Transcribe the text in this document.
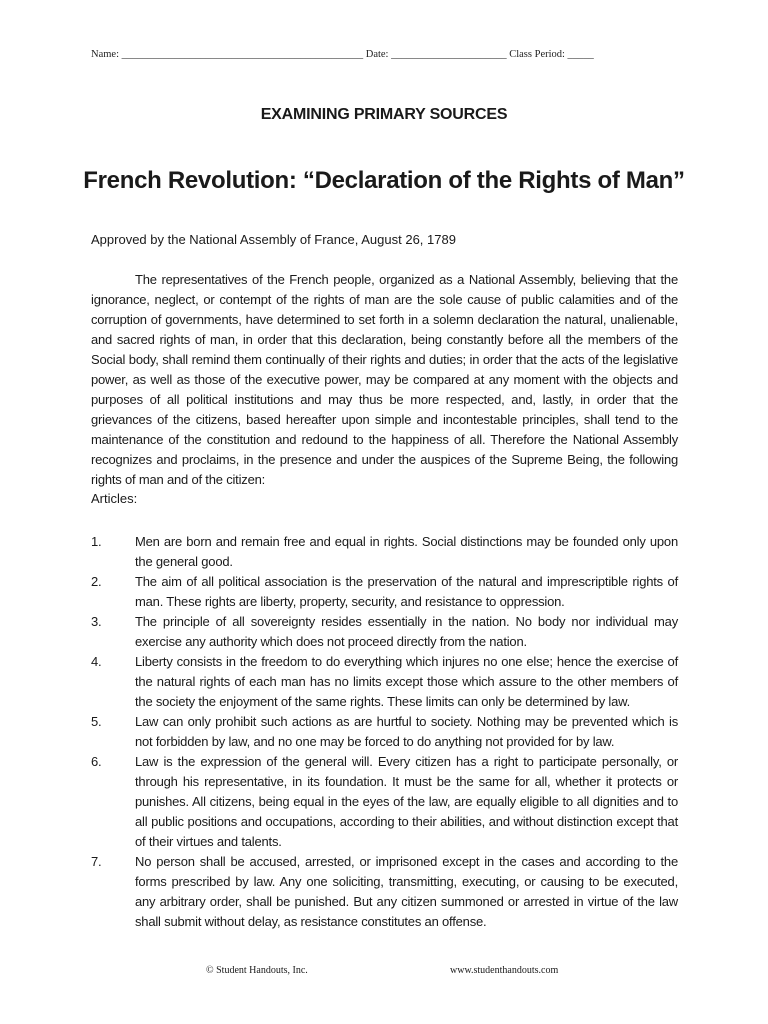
Name: ______________________________________________ Date: ______________________ Class Period: _____
EXAMINING PRIMARY SOURCES
French Revolution: “Declaration of the Rights of Man”
Approved by the National Assembly of France, August 26, 1789
The representatives of the French people, organized as a National Assembly, believing that the ignorance, neglect, or contempt of the rights of man are the sole cause of public calamities and of the corruption of governments, have determined to set forth in a solemn declaration the natural, unalienable, and sacred rights of man, in order that this declaration, being constantly before all the members of the Social body, shall remind them continually of their rights and duties; in order that the acts of the legislative power, as well as those of the executive power, may be compared at any moment with the objects and purposes of all political institutions and may thus be more respected, and, lastly, in order that the grievances of the citizens, based hereafter upon simple and incontestable principles, shall tend to the maintenance of the constitution and redound to the happiness of all. Therefore the National Assembly recognizes and proclaims, in the presence and under the auspices of the Supreme Being, the following rights of man and of the citizen:
Articles:
1.	Men are born and remain free and equal in rights. Social distinctions may be founded only upon the general good.
2.	The aim of all political association is the preservation of the natural and imprescriptible rights of man. These rights are liberty, property, security, and resistance to oppression.
3.	The principle of all sovereignty resides essentially in the nation. No body nor individual may exercise any authority which does not proceed directly from the nation.
4.	Liberty consists in the freedom to do everything which injures no one else; hence the exercise of the natural rights of each man has no limits except those which assure to the other members of the society the enjoyment of the same rights. These limits can only be determined by law.
5.	Law can only prohibit such actions as are hurtful to society. Nothing may be prevented which is not forbidden by law, and no one may be forced to do anything not provided for by law.
6.	Law is the expression of the general will. Every citizen has a right to participate personally, or through his representative, in its foundation. It must be the same for all, whether it protects or punishes. All citizens, being equal in the eyes of the law, are equally eligible to all dignities and to all public positions and occupations, according to their abilities, and without distinction except that of their virtues and talents.
7.	No person shall be accused, arrested, or imprisoned except in the cases and according to the forms prescribed by law. Any one soliciting, transmitting, executing, or causing to be executed, any arbitrary order, shall be punished. But any citizen summoned or arrested in virtue of the law shall submit without delay, as resistance constitutes an offense.
© Student Handouts, Inc.	www.studenthandouts.com
